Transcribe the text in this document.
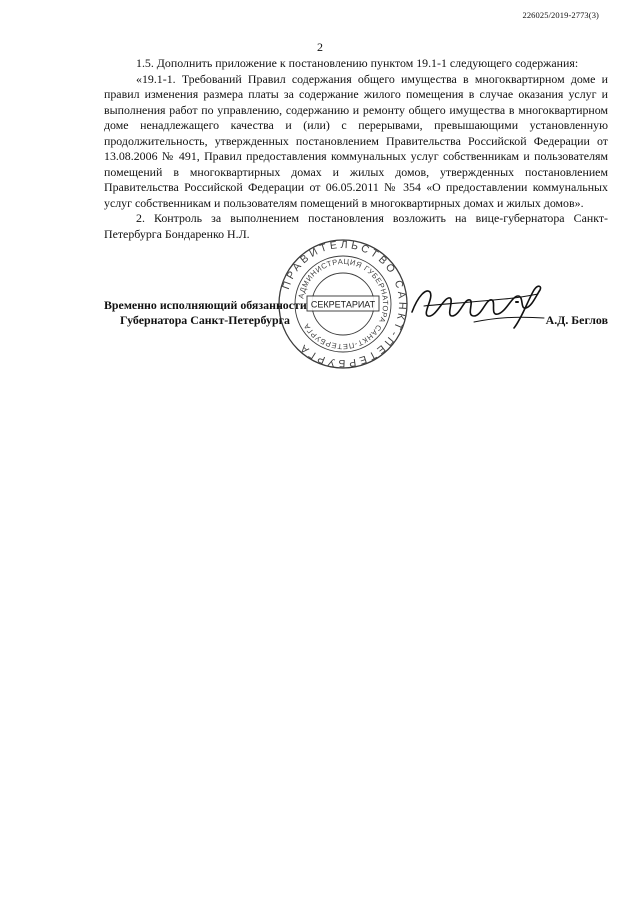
226025/2019-2773(3)
2

1.5. Дополнить приложение к постановлению пунктом 19.1-1 следующего содержания:

«19.1-1. Требований Правил содержания общего имущества в многоквартирном доме и правил изменения размера платы за содержание жилого помещения в случае оказания услуг и выполнения работ по управлению, содержанию и ремонту общего имущества в многоквартирном доме ненадлежащего качества и (или) с перерывами, превышающими установленную продолжительность, утвержденных постановлением Правительства Российской Федерации от 13.08.2006 № 491, Правил предоставления коммунальных услуг собственникам и пользователям помещений в многоквартирных домах и жилых домов, утвержденных постановлением Правительства Российской Федерации от 06.05.2011 № 354 «О предоставлении коммунальных услуг собственникам и пользователям помещений в многоквартирных домах и жилых домов».

2. Контроль за выполнением постановления возложить на вице-губернатора Санкт-Петербурга Бондаренко Н.Л.

Временно исполняющий обязанности
Губернатора Санкт-Петербурга	А.Д. Беглов
ПРАВИТЕЛЬСТВО САНКТ-ПЕТЕРБУРГА
АДМИНИСТРАЦИЯ ГУБЕРНАТОРА САНКТ-ПЕТЕРБУРГА
СЕКРЕТАРИАТ
